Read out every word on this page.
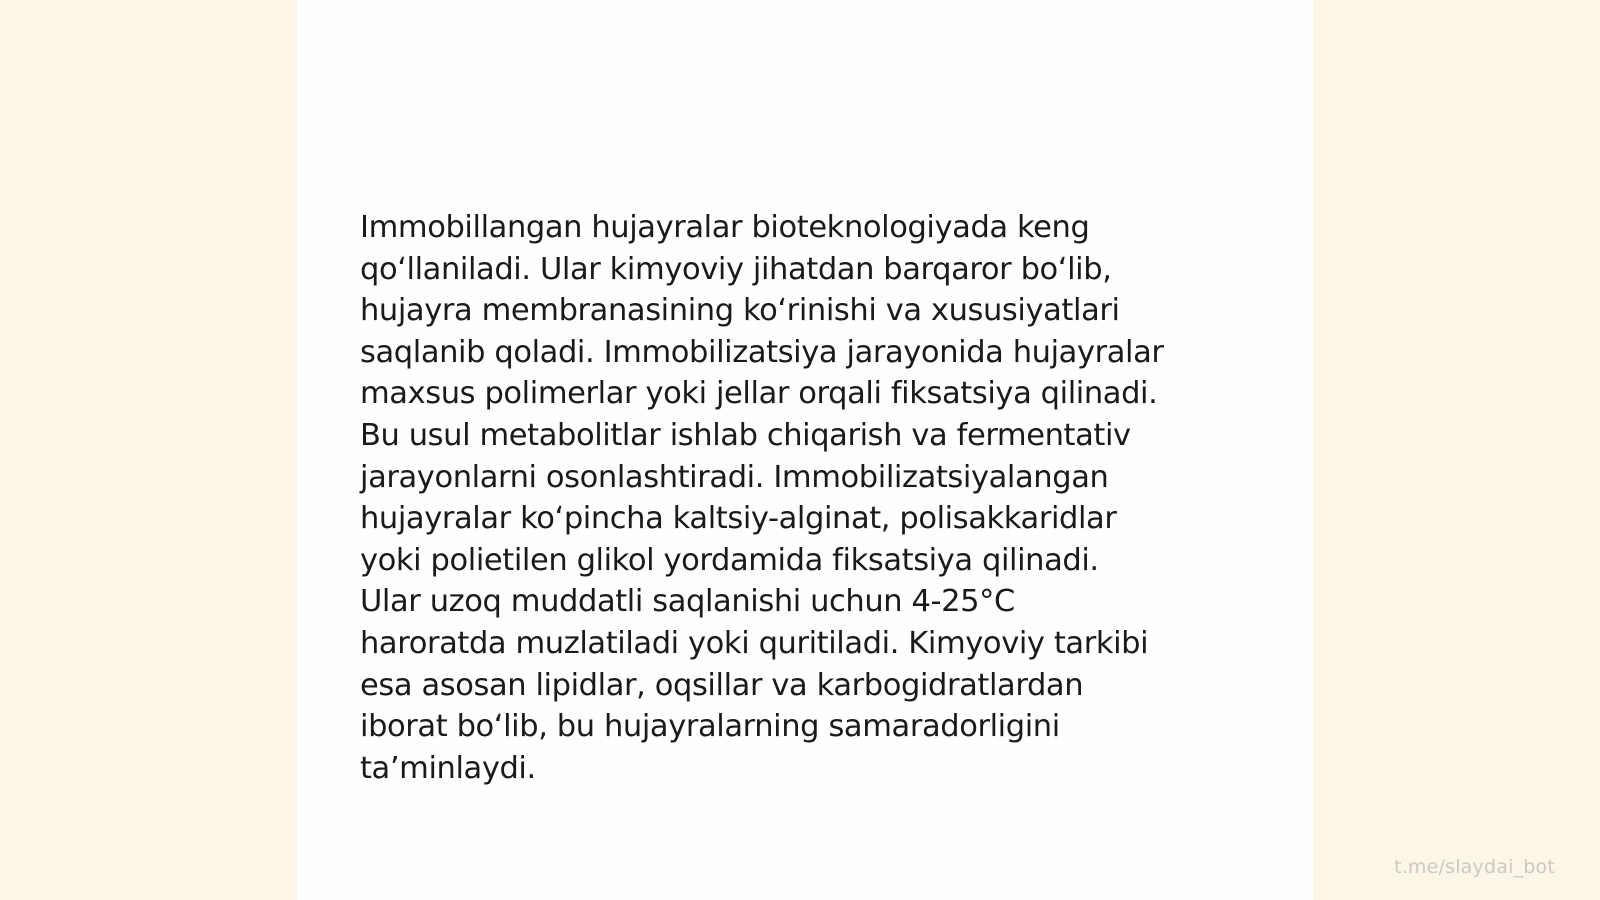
Immobillangan hujayralar bioteknologiyada keng
qo‘llaniladi. Ular kimyoviy jihatdan barqaror bo‘lib,
hujayra membranasining ko‘rinishi va xususiyatlari
saqlanib qoladi. Immobilizatsiya jarayonida hujayralar
maxsus polimerlar yoki jellar orqali fiksatsiya qilinadi.
Bu usul metabolitlar ishlab chiqarish va fermentativ
jarayonlarni osonlashtiradi. Immobilizatsiyalangan
hujayralar ko‘pincha kaltsiy-alginat, polisakkaridlar
yoki polietilen glikol yordamida fiksatsiya qilinadi.
Ular uzoq muddatli saqlanishi uchun 4-25°C
haroratda muzlatiladi yoki quritiladi. Kimyoviy tarkibi
esa asosan lipidlar, oqsillar va karbogidratlardan
iborat bo‘lib, bu hujayralarning samaradorligini
ta’minlaydi.

t.me/slaydai_bot
